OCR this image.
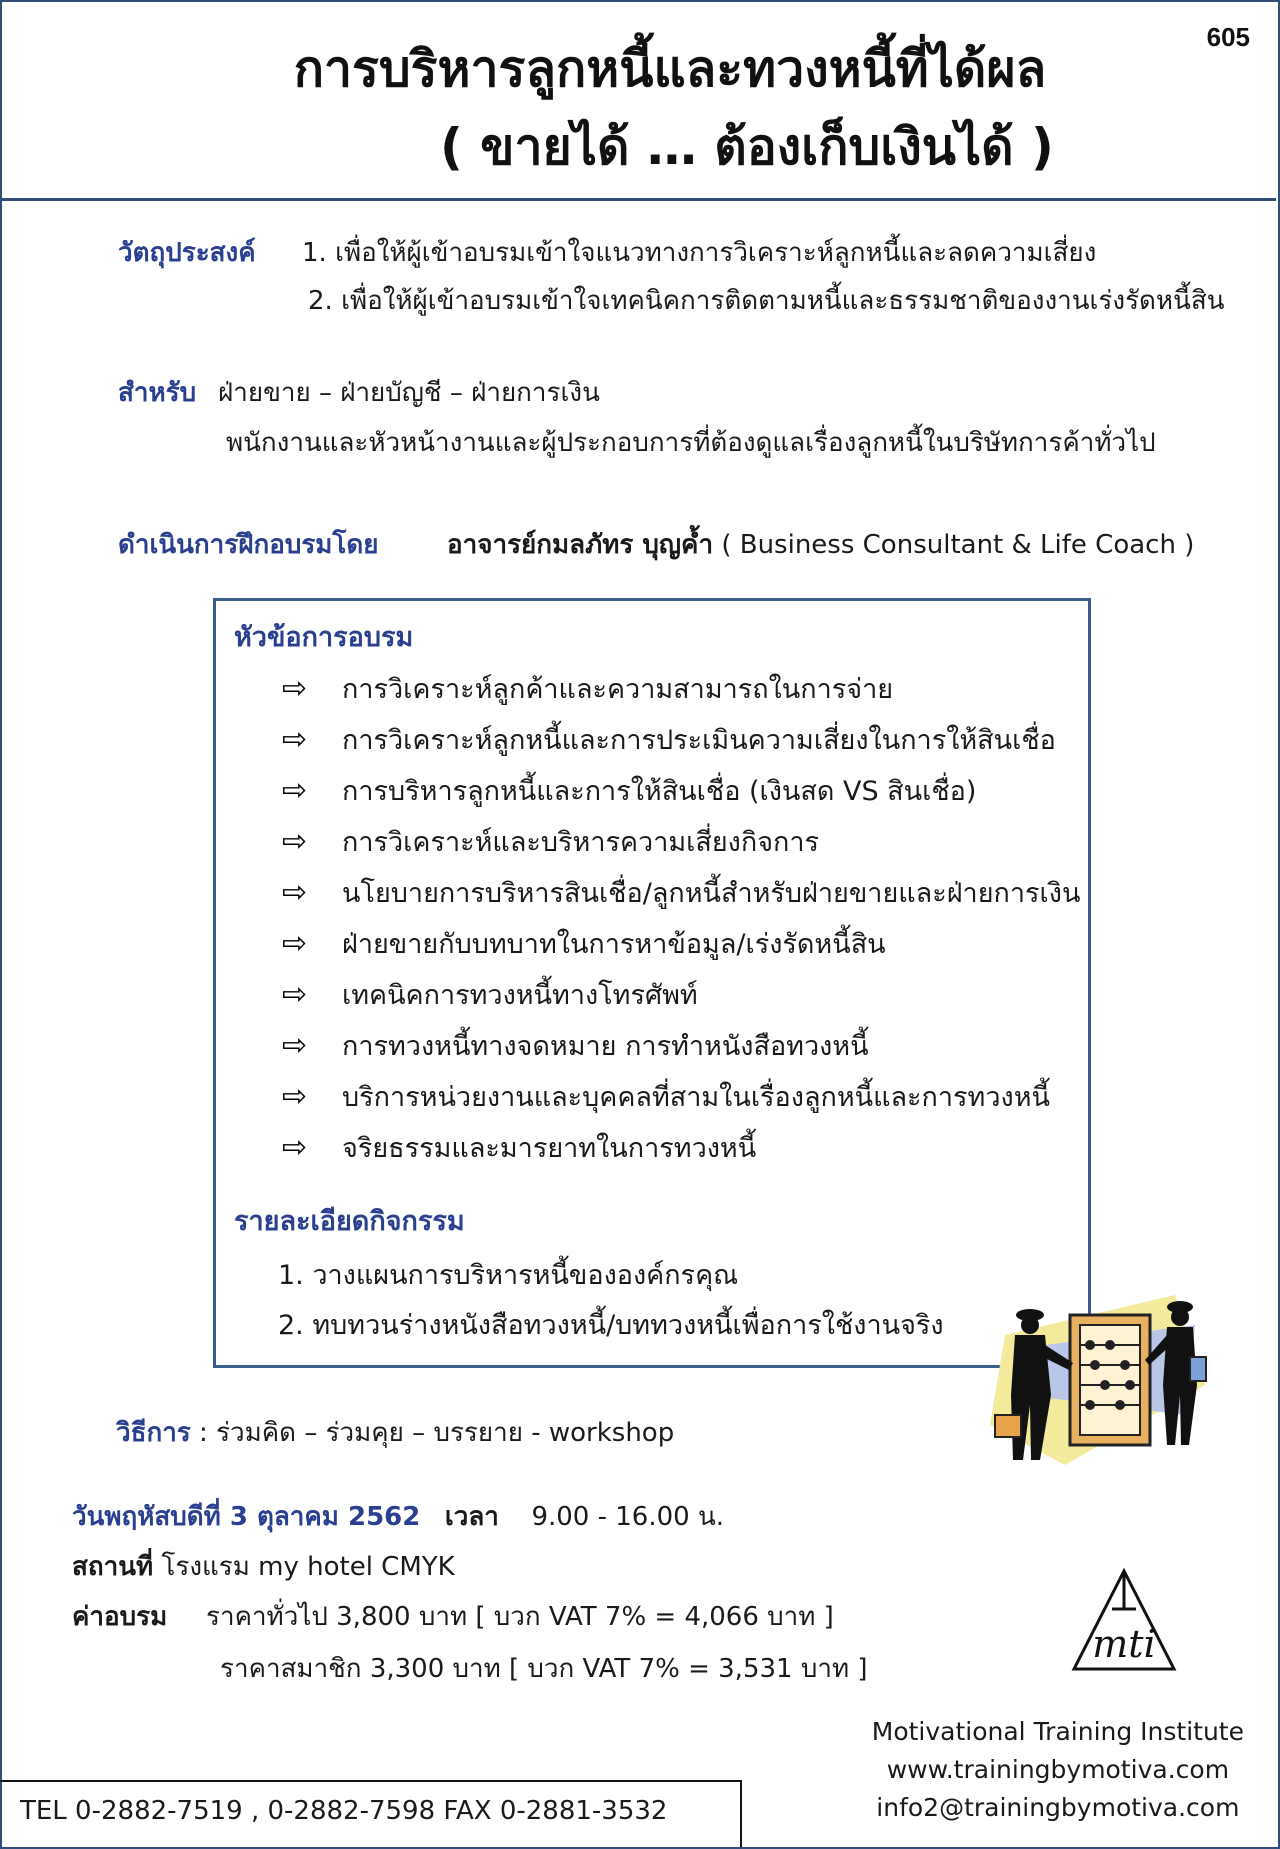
605
การบริหารลูกหนี้และทวงหนี้ที่ได้ผล
( ขายได้ … ต้องเก็บเงินได้ )
วัตถุประสงค์ 1. เพื่อให้ผู้เข้าอบรมเข้าใจแนวทางการวิเคราะห์ลูกหนี้และลดความเสี่ยง
2. เพื่อให้ผู้เข้าอบรมเข้าใจเทคนิคการติดตามหนี้และธรรมชาติของงานเร่งรัดหนี้สิน
สำหรับ ฝ่ายขาย – ฝ่ายบัญชี – ฝ่ายการเงิน
พนักงานและหัวหน้างานและผู้ประกอบการที่ต้องดูแลเรื่องลูกหนี้ในบริษัทการค้าทั่วไป
ดำเนินการฝึกอบรมโดย	อาจารย์กมลภัทร บุญค้ำ ( Business Consultant & Life Coach )
หัวข้อการอบรม
⇨ การวิเคราะห์ลูกค้าและความสามารถในการจ่าย
⇨ การวิเคราะห์ลูกหนี้และการประเมินความเสี่ยงในการให้สินเชื่อ
⇨ การบริหารลูกหนี้และการให้สินเชื่อ (เงินสด VS สินเชื่อ)
⇨ การวิเคราะห์และบริหารความเสี่ยงกิจการ
⇨ นโยบายการบริหารสินเชื่อ/ลูกหนี้สำหรับฝ่ายขายและฝ่ายการเงิน
⇨ ฝ่ายขายกับบทบาทในการหาข้อมูล/เร่งรัดหนี้สิน
⇨ เทคนิคการทวงหนี้ทางโทรศัพท์
⇨ การทวงหนี้ทางจดหมาย การทำหนังสือทวงหนี้
⇨ บริการหน่วยงานและบุคคลที่สามในเรื่องลูกหนี้และการทวงหนี้
⇨ จริยธรรมและมารยาทในการทวงหนี้
รายละเอียดกิจกรรม
1. วางแผนการบริหารหนี้ขององค์กรคุณ
2. ทบทวนร่างหนังสือทวงหนี้/บททวงหนี้เพื่อการใช้งานจริง
วิธีการ : ร่วมคิด – ร่วมคุย – บรรยาย - workshop
วันพฤหัสบดีที่ 3 ตุลาคม 2562 เวลา 9.00 - 16.00 น.
สถานที่ โรงแรม my hotel CMYK
ค่าอบรม ราคาทั่วไป 3,800 บาท [ บวก VAT 7% = 4,066 บาท ]
ราคาสมาชิก 3,300 บาท [ บวก VAT 7% = 3,531 บาท ]
mti
Motivational Training Institute
www.trainingbymotiva.com
info2@trainingbymotiva.com
TEL 0-2882-7519 , 0-2882-7598 FAX 0-2881-3532
